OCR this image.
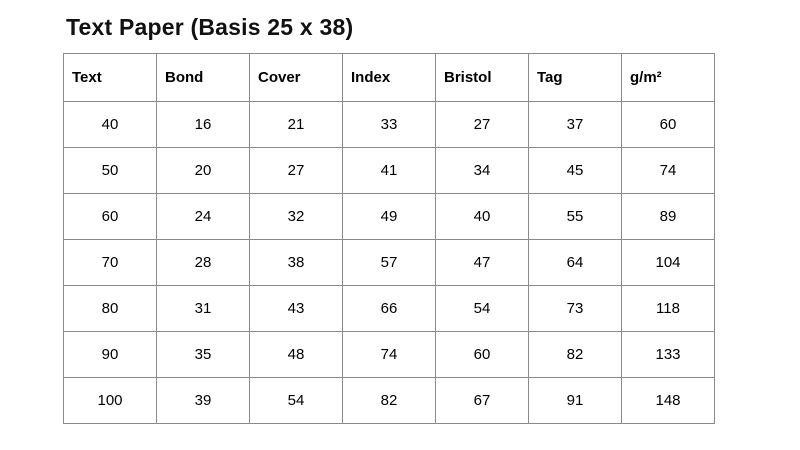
Text Paper (Basis 25 x 38)
Text	Bond	Cover	Index	Bristol	Tag	g/m²
40	16	21	33	27	37	60
50	20	27	41	34	45	74
60	24	32	49	40	55	89
70	28	38	57	47	64	104
80	31	43	66	54	73	118
90	35	48	74	60	82	133
100	39	54	82	67	91	148
